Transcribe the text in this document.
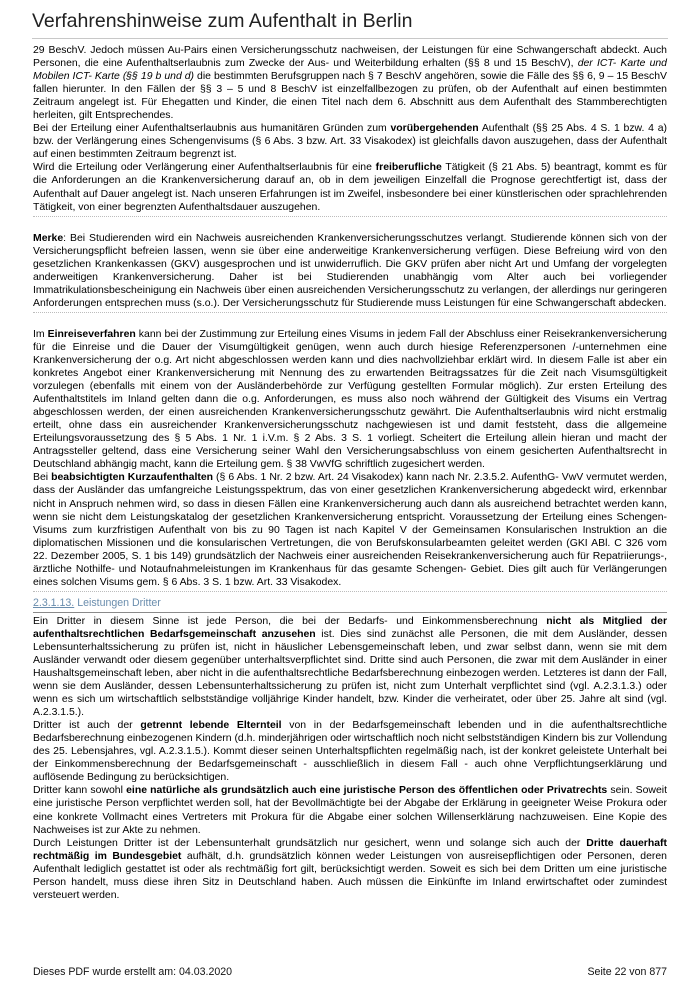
Verfahrenshinweise zum Aufenthalt in Berlin

29 BeschV. Jedoch müssen Au-Pairs einen Versicherungsschutz nachweisen, der Leistungen für eine Schwangerschaft abdeckt. Auch Personen, die eine Aufenthaltserlaubnis zum Zwecke der Aus- und Weiterbildung erhalten (§§ 8 und 15 BeschV), der ICT- Karte und Mobilen ICT- Karte (§§ 19 b und d) die bestimmten Berufsgruppen nach § 7 BeschV angehören, sowie die Fälle des §§ 6, 9 – 15 BeschV fallen hierunter. In den Fällen der §§ 3 – 5 und 8 BeschV ist einzelfallbezogen zu prüfen, ob der Aufenthalt auf einen bestimmten Zeitraum angelegt ist. Für Ehegatten und Kinder, die einen Titel nach dem 6. Abschnitt aus dem Aufenthalt des Stammberechtigten herleiten, gilt Entsprechendes.

Bei der Erteilung einer Aufenthaltserlaubnis aus humanitären Gründen zum vorübergehenden Aufenthalt (§§ 25 Abs. 4 S. 1 bzw. 4 a) bzw. der Verlängerung eines Schengenvisums (§ 6 Abs. 3 bzw. Art. 33 Visakodex) ist gleichfalls davon auszugehen, dass der Aufenthalt auf einen bestimmten Zeitraum begrenzt ist.

Wird die Erteilung oder Verlängerung einer Aufenthaltserlaubnis für eine freiberufliche Tätigkeit (§ 21 Abs. 5) beantragt, kommt es für die Anforderungen an die Krankenversicherung darauf an, ob in dem jeweiligen Einzelfall die Prognose gerechtfertigt ist, dass der Aufenthalt auf Dauer angelegt ist. Nach unseren Erfahrungen ist im Zweifel, insbesondere bei einer künstlerischen oder sprachlehrenden Tätigkeit, von einer begrenzten Aufenthaltsdauer auszugehen.

Merke: Bei Studierenden wird ein Nachweis ausreichenden Krankenversicherungsschutzes verlangt. Studierende können sich von der Versicherungspflicht befreien lassen, wenn sie über eine anderweitige Krankenversicherung verfügen. Diese Befreiung wird von den gesetzlichen Krankenkassen (GKV) ausgesprochen und ist unwiderruflich. Die GKV prüfen aber nicht Art und Umfang der vorgelegten anderweitigen Krankenversicherung. Daher ist bei Studierenden unabhängig vom Alter auch bei vorliegender Immatrikulationsbescheinigung ein Nachweis über einen ausreichenden Versicherungsschutz zu verlangen, der allerdings nur geringeren Anforderungen entsprechen muss (s.o.). Der Versicherungsschutz für Studierende muss Leistungen für eine Schwangerschaft abdecken.

Im Einreiseverfahren kann bei der Zustimmung zur Erteilung eines Visums in jedem Fall der Abschluss einer Reisekrankenversicherung für die Einreise und die Dauer der Visumgültigkeit genügen, wenn auch durch hiesige Referenzpersonen /-unternehmen eine Krankenversicherung der o.g. Art nicht abgeschlossen werden kann und dies nachvollziehbar erklärt wird. In diesem Falle ist aber ein konkretes Angebot einer Krankenversicherung mit Nennung des zu erwartenden Beitragssatzes für die Zeit nach Visumsgültigkeit vorzulegen (ebenfalls mit einem von der Ausländerbehörde zur Verfügung gestellten Formular möglich). Zur ersten Erteilung des Aufenthaltstitels im Inland gelten dann die o.g. Anforderungen, es muss also noch während der Gültigkeit des Visums ein Vertrag abgeschlossen werden, der einen ausreichenden Krankenversicherungsschutz gewährt. Die Aufenthaltserlaubnis wird nicht erstmalig erteilt, ohne dass ein ausreichender Krankenversicherungsschutz nachgewiesen ist und damit feststeht, dass die allgemeine Erteilungsvoraussetzung des § 5 Abs. 1 Nr. 1 i.V.m. § 2 Abs. 3 S. 1 vorliegt. Scheitert die Erteilung allein hieran und macht der Antragssteller geltend, dass eine Versicherung seiner Wahl den Versicherungsabschluss von einem gesicherten Aufenthaltsrecht in Deutschland abhängig macht, kann die Erteilung gem. § 38 VwVfG schriftlich zugesichert werden.

Bei beabsichtigten Kurzaufenthalten (§ 6 Abs. 1 Nr. 2 bzw. Art. 24 Visakodex) kann nach Nr. 2.3.5.2. AufenthG- VwV vermutet werden, dass der Ausländer das umfangreiche Leistungsspektrum, das von einer gesetzlichen Krankenversicherung abgedeckt wird, erkennbar nicht in Anspruch nehmen wird, so dass in diesen Fällen eine Krankenversicherung auch dann als ausreichend betrachtet werden kann, wenn sie nicht dem Leistungskatalog der gesetzlichen Krankenversicherung entspricht. Voraussetzung der Erteilung eines Schengen-Visums zum kurzfristigen Aufenthalt von bis zu 90 Tagen ist nach Kapitel V der Gemeinsamen Konsularischen Instruktion an die diplomatischen Missionen und die konsularischen Vertretungen, die von Berufskonsularbeamten geleitet werden (GKI ABl. C 326 vom 22. Dezember 2005, S. 1 bis 149) grundsätzlich der Nachweis einer ausreichenden Reisekrankenversicherung auch für Repatriierungs-, ärztliche Nothilfe- und Notaufnahmeleistungen im Krankenhaus für das gesamte Schengen- Gebiet. Dies gilt auch für Verlängerungen eines solchen Visums gem. § 6 Abs. 3 S. 1 bzw. Art. 33 Visakodex.

2.3.1.13. Leistungen Dritter

Ein Dritter in diesem Sinne ist jede Person, die bei der Bedarfs- und Einkommensberechnung nicht als Mitglied der aufenthaltsrechtlichen Bedarfsgemeinschaft anzusehen ist. Dies sind zunächst alle Personen, die mit dem Ausländer, dessen Lebensunterhaltssicherung zu prüfen ist, nicht in häuslicher Lebensgemeinschaft leben, und zwar selbst dann, wenn sie mit dem Ausländer verwandt oder diesem gegenüber unterhaltsverpflichtet sind. Dritte sind auch Personen, die zwar mit dem Ausländer in einer Haushaltsgemeinschaft leben, aber nicht in die aufenthaltsrechtliche Bedarfsberechnung einbezogen werden. Letzteres ist dann der Fall, wenn sie dem Ausländer, dessen Lebensunterhaltssicherung zu prüfen ist, nicht zum Unterhalt verpflichtet sind (vgl. A.2.3.1.3.) oder wenn es sich um wirtschaftlich selbstständige volljährige Kinder handelt, bzw. Kinder die verheiratet, oder über 25. Jahre alt sind (vgl. A.2.3.1.5.).

Dritter ist auch der getrennt lebende Elternteil von in der Bedarfsgemeinschaft lebenden und in die aufenthaltsrechtliche Bedarfsberechnung einbezogenen Kindern (d.h. minderjährigen oder wirtschaftlich noch nicht selbstständigen Kindern bis zur Vollendung des 25. Lebensjahres, vgl. A.2.3.1.5.). Kommt dieser seinen Unterhaltspflichten regelmäßig nach, ist der konkret geleistete Unterhalt bei der Einkommensberechnung der Bedarfsgemeinschaft - ausschließlich in diesem Fall - auch ohne Verpflichtungserklärung und auflösende Bedingung zu berücksichtigen.

Dritter kann sowohl eine natürliche als grundsätzlich auch eine juristische Person des öffentlichen oder Privatrechts sein. Soweit eine juristische Person verpflichtet werden soll, hat der Bevollmächtigte bei der Abgabe der Erklärung in geeigneter Weise Prokura oder eine konkrete Vollmacht eines Vertreters mit Prokura für die Abgabe einer solchen Willenserklärung nachzuweisen. Eine Kopie des Nachweises ist zur Akte zu nehmen.

Durch Leistungen Dritter ist der Lebensunterhalt grundsätzlich nur gesichert, wenn und solange sich auch der Dritte dauerhaft rechtmäßig im Bundesgebiet aufhält, d.h. grundsätzlich können weder Leistungen von ausreisepflichtigen oder Personen, deren Aufenthalt lediglich gestattet ist oder als rechtmäßig fort gilt, berücksichtigt werden. Soweit es sich bei dem Dritten um eine juristische Person handelt, muss diese ihren Sitz in Deutschland haben. Auch müssen die Einkünfte im Inland erwirtschaftet oder zumindest versteuert werden.

Dieses PDF wurde erstellt am: 04.03.2020	Seite 22 von 877
